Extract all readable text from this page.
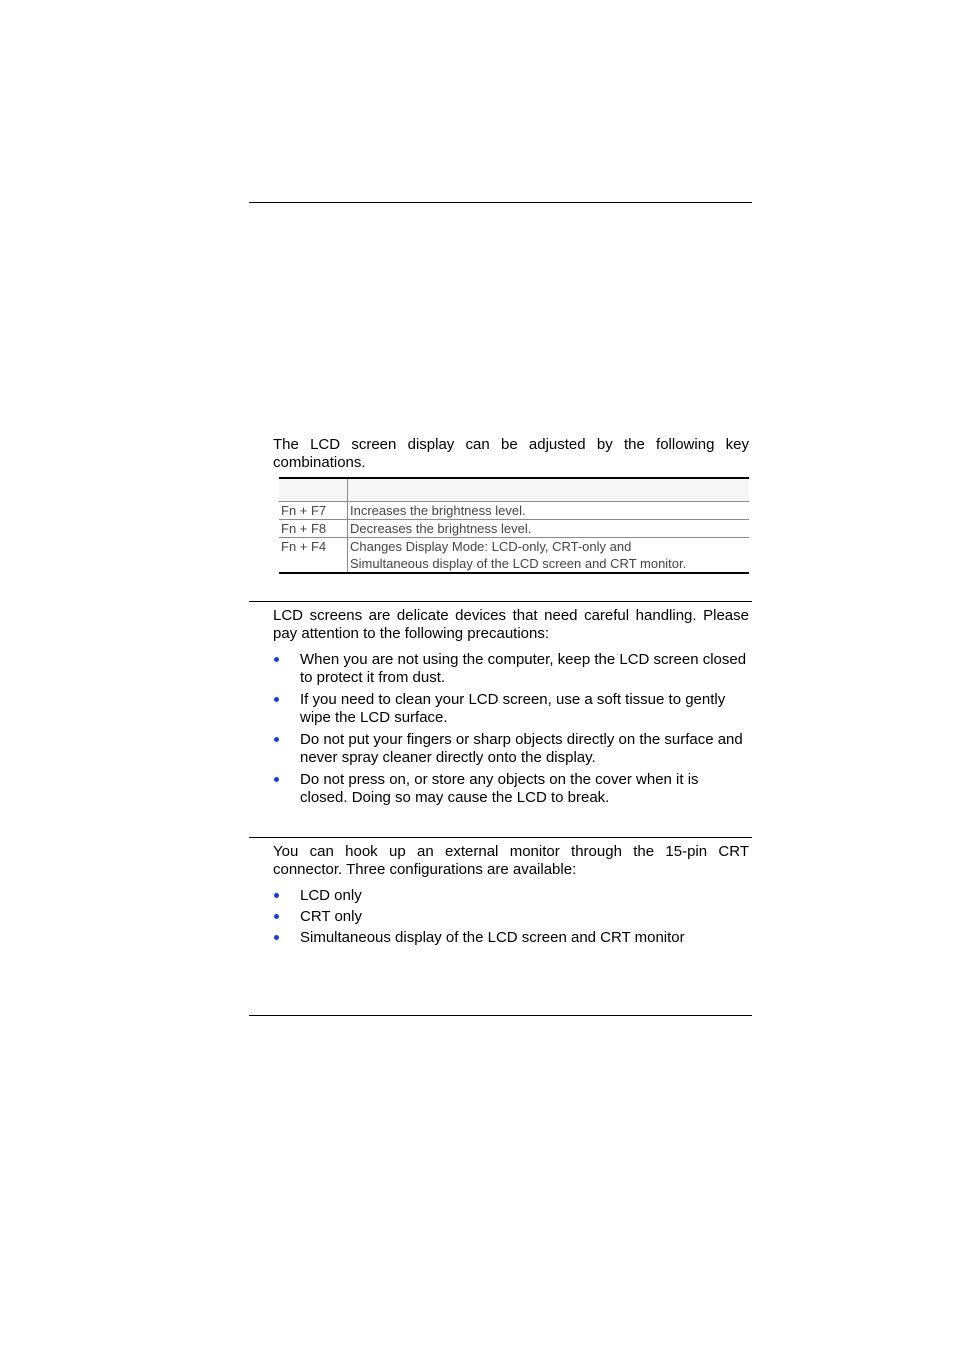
The LCD screen display can be adjusted by the following key combinations.

Fn + F7	Increases the brightness level.
Fn + F8	Decreases the brightness level.
Fn + F4	Changes Display Mode: LCD-only, CRT-only and
Simultaneous display of the LCD screen and CRT monitor.

LCD screens are delicate devices that need careful handling. Please pay attention to the following precautions:

When you are not using the computer, keep the LCD screen closed to protect it from dust.
If you need to clean your LCD screen, use a soft tissue to gently wipe the LCD surface.
Do not put your fingers or sharp objects directly on the surface and never spray cleaner directly onto the display.
Do not press on, or store any objects on the cover when it is closed. Doing so may cause the LCD to break.

You can hook up an external monitor through the 15-pin CRT connector. Three configurations are available:

LCD only
CRT only
Simultaneous display of the LCD screen and CRT monitor
